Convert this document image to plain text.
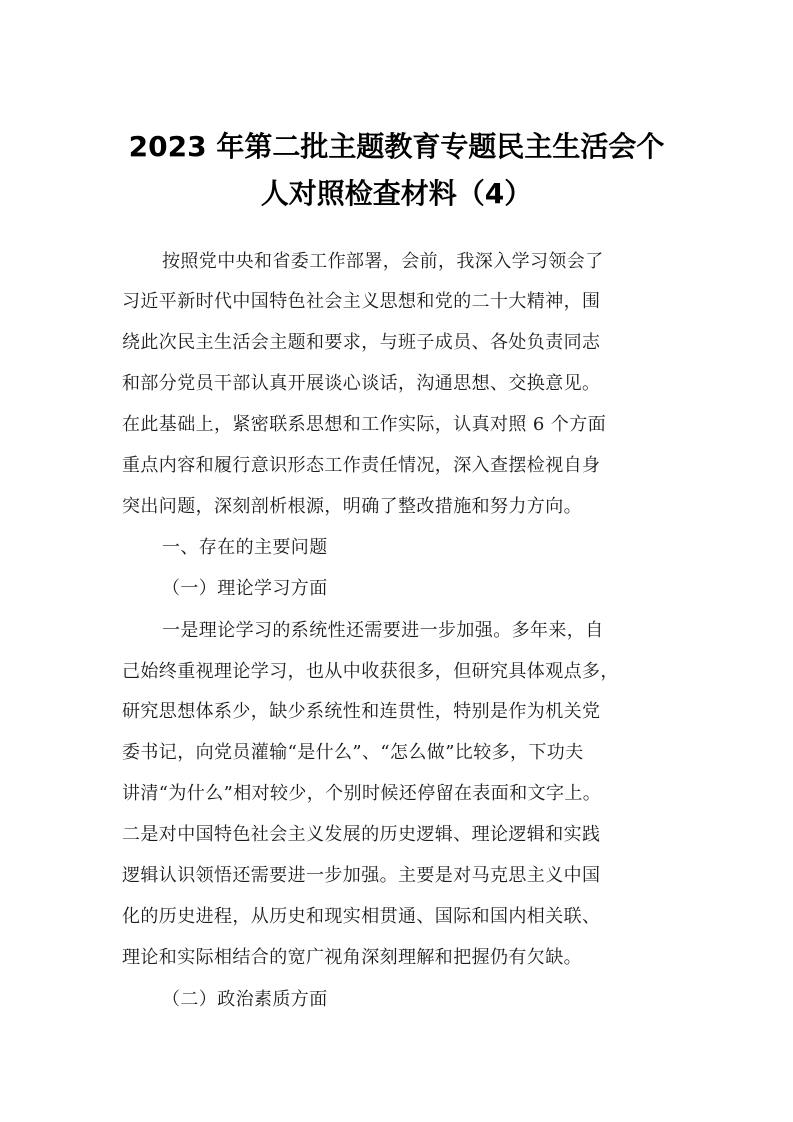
2023 年第二批主题教育专题民主生活会个
人对照检查材料（4）
按照党中央和省委工作部署，会前，我深入学习领会了
习近平新时代中国特色社会主义思想和党的二十大精神，围
绕此次民主生活会主题和要求，与班子成员、各处负责同志
和部分党员干部认真开展谈心谈话，沟通思想、交换意见。
在此基础上，紧密联系思想和工作实际，认真对照 6 个方面
重点内容和履行意识形态工作责任情况，深入查摆检视自身
突出问题，深刻剖析根源，明确了整改措施和努力方向。
一、存在的主要问题
（一）理论学习方面
一是理论学习的系统性还需要进一步加强。多年来，自
己始终重视理论学习，也从中收获很多，但研究具体观点多，
研究思想体系少，缺少系统性和连贯性，特别是作为机关党
委书记，向党员灌输“是什么”、“怎么做”比较多，下功夫
讲清“为什么”相对较少，个别时候还停留在表面和文字上。
二是对中国特色社会主义发展的历史逻辑、理论逻辑和实践
逻辑认识领悟还需要进一步加强。主要是对马克思主义中国
化的历史进程，从历史和现实相贯通、国际和国内相关联、
理论和实际相结合的宽广视角深刻理解和把握仍有欠缺。
（二）政治素质方面
